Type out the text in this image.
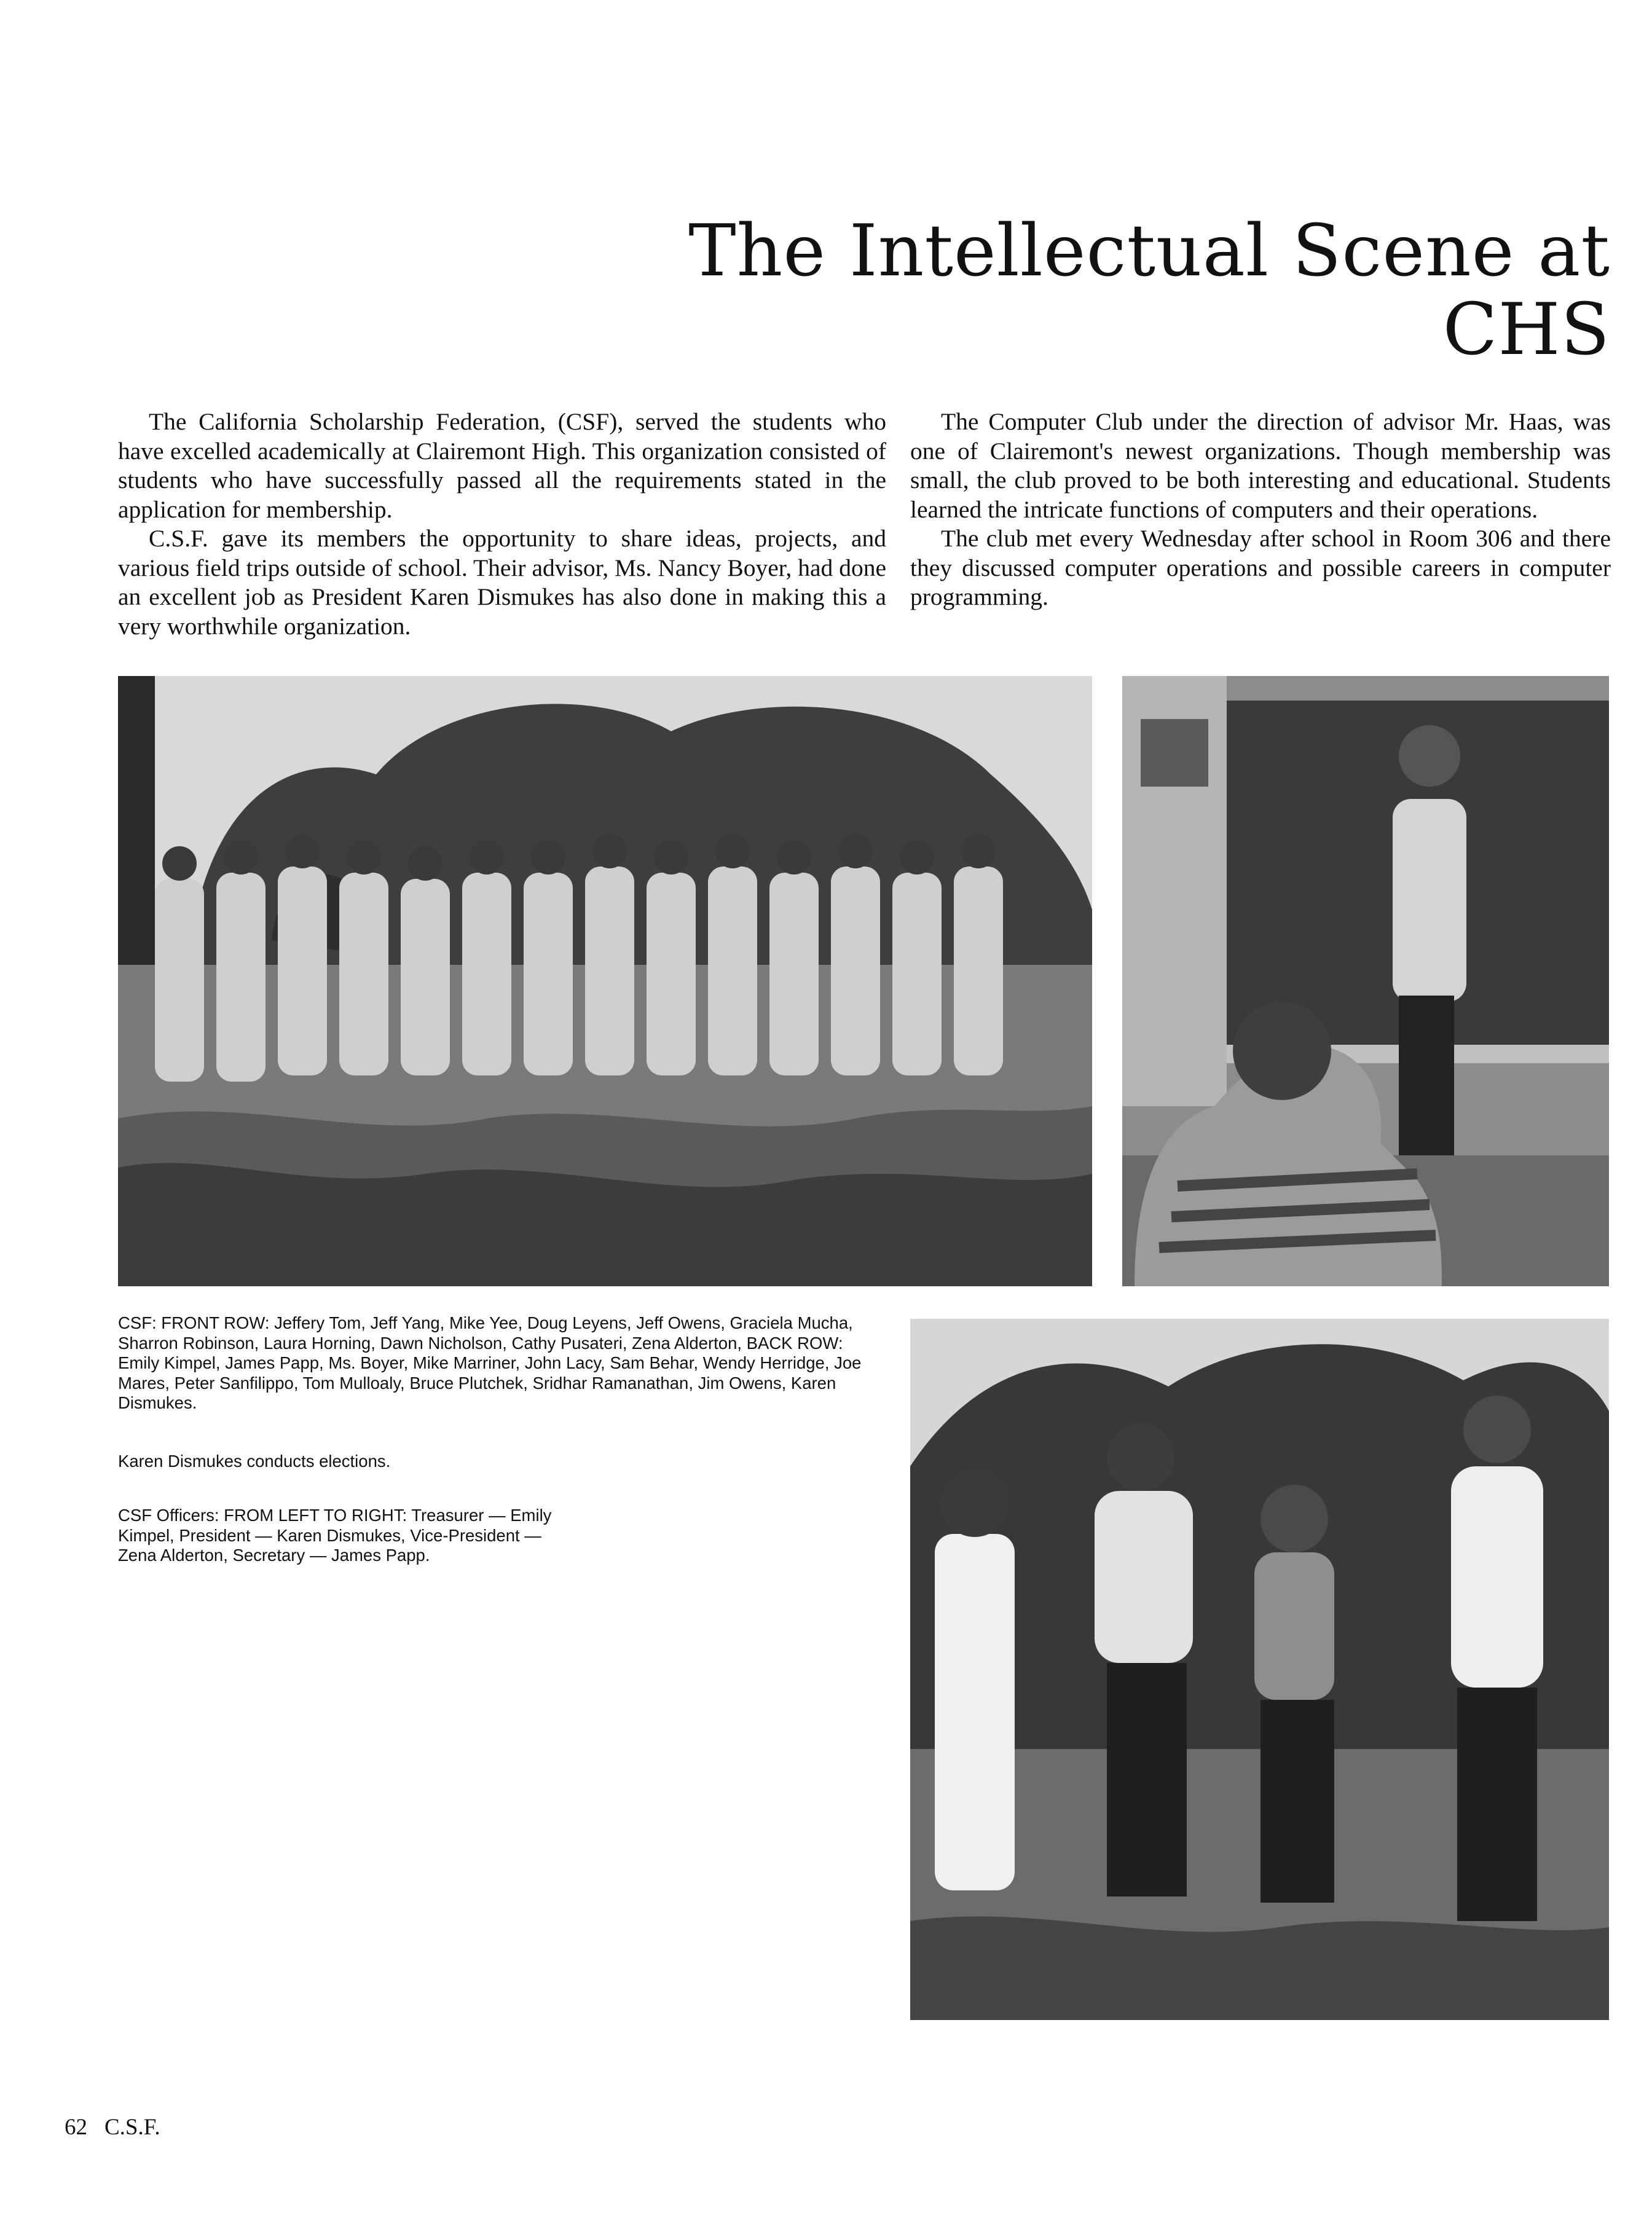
The Intellectual Scene at CHS

The California Scholarship Federation, (CSF), served the students who have excelled academically at Clairemont High. This organization consisted of students who have successfully passed all the requirements stated in the application for membership.

C.S.F. gave its members the opportunity to share ideas, projects, and various field trips outside of school. Their advisor, Ms. Nancy Boyer, had done an excellent job as President Karen Dismukes has also done in making this a very worthwhile organization.

The Computer Club under the direction of advisor Mr. Haas, was one of Clairemont's newest organizations. Though membership was small, the club proved to be both interesting and educational. Students learned the intricate functions of computers and their operations.

The club met every Wednesday after school in Room 306 and there they discussed computer operations and possible careers in computer programming.

CSF: FRONT ROW: Jeffery Tom, Jeff Yang, Mike Yee, Doug Leyens, Jeff Owens, Graciela Mucha, Sharron Robinson, Laura Horning, Dawn Nicholson, Cathy Pusateri, Zena Alderton, BACK ROW: Emily Kimpel, James Papp, Ms. Boyer, Mike Marriner, John Lacy, Sam Behar, Wendy Herridge, Joe Mares, Peter Sanfilippo, Tom Mulloaly, Bruce Plutchek, Sridhar Ramanathan, Jim Owens, Karen Dismukes.

Karen Dismukes conducts elections.

CSF Officers: FROM LEFT TO RIGHT: Treasurer — Emily Kimpel, President — Karen Dismukes, Vice-President — Zena Alderton, Secretary — James Papp.

62 C.S.F.
